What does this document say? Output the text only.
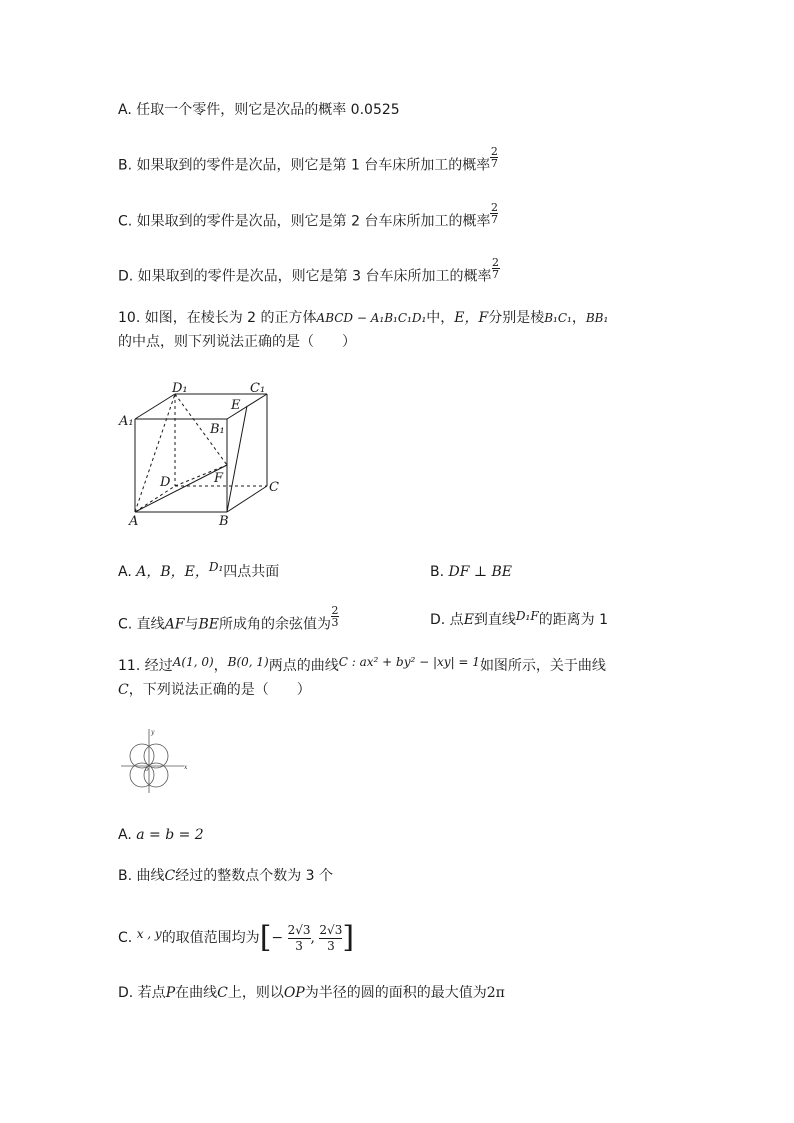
A. 任取一个零件，则它是次品的概率 0.0525
B. 如果取到的零件是次品，则它是第 1 台车床所加工的概率 $\frac{2}{7}$
C. 如果取到的零件是次品，则它是第 2 台车床所加工的概率 $\frac{2}{7}$
D. 如果取到的零件是次品，则它是第 3 台车床所加工的概率 $\frac{2}{7}$
10. 如图，在棱长为 2 的正方体ABCD − A₁B₁C₁D₁中，E，F分别是棱B₁C₁，BB₁
的中点，则下列说法正确的是（　　）
D₁	C₁
A₁
E
B₁
D	F
C
A	B
A. A，B，E，D₁四点共面	B. DF ⊥ BE
C. 直线AF与BE所成角的余弦值为 $\frac{2}{3}$	D. 点E到直线D₁F的距离为 1
11. 经过A(1, 0)，B(0, 1)两点的曲线C : ax² + by² − |xy| = 1如图所示，关于曲线
C，下列说法正确的是（　　）
y
x
o
A. a = b = 2
B. 曲线C经过的整数点个数为 3 个
C. x , y的取值范围均为[− $\frac{2√3}{3}$, $\frac{2√3}{3}$]
D. 若点P在曲线C上，则以OP为半径的圆的面积的最大值为2π
